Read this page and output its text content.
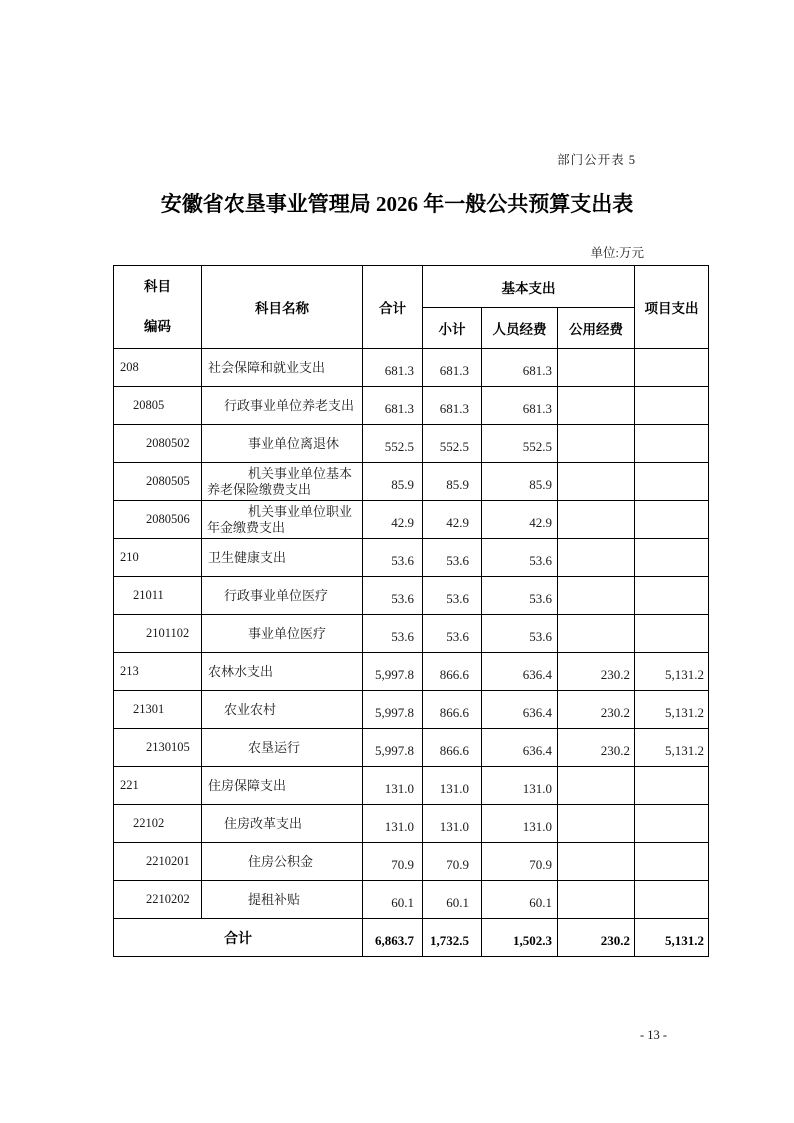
部门公开表 5
安徽省农垦事业管理局 2026 年一般公共预算支出表
单位:万元
科目
编码	科目名称	合计	基本支出			项目支出
			小计	人员经费	公用经费	
208	社会保障和就业支出	681.3	681.3	681.3		
20805	行政事业单位养老支出	681.3	681.3	681.3		
2080502	事业单位离退休	552.5	552.5	552.5		
2080505	机关事业单位基本养老保险缴费支出	85.9	85.9	85.9		
2080506	机关事业单位职业年金缴费支出	42.9	42.9	42.9		
210	卫生健康支出	53.6	53.6	53.6		
21011	行政事业单位医疗	53.6	53.6	53.6		
2101102	事业单位医疗	53.6	53.6	53.6		
213	农林水支出	5,997.8	866.6	636.4	230.2	5,131.2
21301	农业农村	5,997.8	866.6	636.4	230.2	5,131.2
2130105	农垦运行	5,997.8	866.6	636.4	230.2	5,131.2
221	住房保障支出	131.0	131.0	131.0		
22102	住房改革支出	131.0	131.0	131.0		
2210201	住房公积金	70.9	70.9	70.9		
2210202	提租补贴	60.1	60.1	60.1		
合计		6,863.7	1,732.5	1,502.3	230.2	5,131.2
- 13 -
